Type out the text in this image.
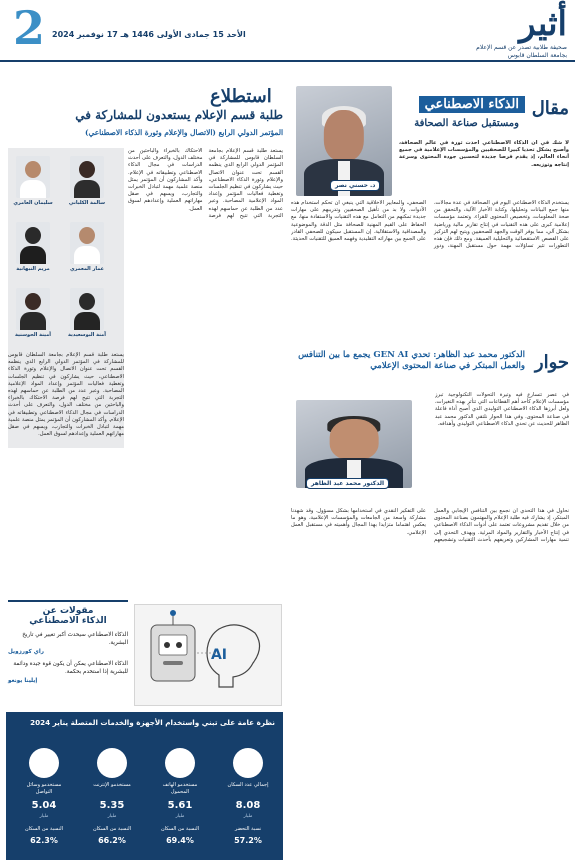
أثير
صحيفة طلابية تصدر عن قسم الإعلام
بجامعة السلطان قابوس
الأحد 15 جمادى الأولى 1446 هـ 17 نوفمبر 2024
2
مقال
الذكاء الاصطناعي
ومستقبل صناعة الصحافة
د. حسني نصر
لا شك في أن الذكاء الاصطناعي أحدث ثورة في عالم الصحافة، وأصبح يشكل تحديا كبيرا للصحفيين والمؤسسات الإعلامية في جميع أنحاء العالم، إذ يقدم فرصا جديدة لتحسين جودة المحتوى وسرعة إنتاجه وتوزيعه.
يستخدم الذكاء الاصطناعي اليوم في الصحافة في عدة مجالات، منها جمع البيانات وتحليلها، وكتابة الأخبار الآلية، والتحقق من صحة المعلومات، وتخصيص المحتوى للقراء. وتعتمد مؤسسات إعلامية كبرى على هذه التقنيات في إنتاج تقارير مالية ورياضية بشكل آلي، مما يوفر الوقت والجهد للصحفيين ويتيح لهم التركيز على القصص الاستقصائية والتحليلية العميقة. ومع ذلك فإن هذه التطورات تثير تساؤلات مهمة حول مستقبل المهنة، ودور الصحفي، والمعايير الأخلاقية التي ينبغي أن تحكم استخدام هذه الأدوات. ولا بد من تأهيل الصحفيين وتدريبهم على مهارات جديدة تمكنهم من التعامل مع هذه التقنيات والاستفادة منها، مع الحفاظ على القيم المهنية للصحافة مثل الدقة والموضوعية والمصداقية والاستقلالية. إن المستقبل سيكون للصحفي القادر على الجمع بين مهاراته التقليدية وفهمه العميق للتقنيات الحديثة.
حوار
الدكتور محمد عبد الظاهر: تحدي GEN AI يجمع ما بين التنافس والعمل المبتكر في صناعة المحتوى الإعلامي
في عصر تتسارع فيه وتيرة التحولات التكنولوجية تبرز مؤسسات الإعلام كأحد أهم القطاعات التي تتأثر بهذه التغيرات، ولعل أبرزها الذكاء الاصطناعي التوليدي الذي أصبح أداة فاعلة في صناعة المحتوى. وفي هذا الحوار نلتقي الدكتور محمد عبد الظاهر للحديث عن تحدي الذكاء الاصطناعي التوليدي وأهدافه.
الدكتور محمد عبد الظاهر
نحاول في هذا التحدي أن نجمع بين التنافس الإيجابي والعمل المبتكر، إذ يشارك فيه طلبة الإعلام والمهتمون بصناعة المحتوى من خلال تقديم مشروعات تعتمد على أدوات الذكاء الاصطناعي في إنتاج الأخبار والتقارير والمواد المرئية. ويهدف التحدي إلى تنمية مهارات المشاركين وتعريفهم بأحدث التقنيات وتشجيعهم على التفكير النقدي في استخدامها بشكل مسؤول. وقد شهدنا مشاركة واسعة من الجامعات والمؤسسات الإعلامية، وهو ما يعكس اهتماما متزايدا بهذا المجال وأهميته في مستقبل العمل الإعلامي.
استطلاع
طلبة قسم الإعلام يستعدون للمشاركة في
المؤتمر الدولي الرابع (الاتصال والإعلام وثورة الذكاء الاصطناعي)
يستعد طلبة قسم الإعلام بجامعة السلطان قابوس للمشاركة في المؤتمر الدولي الرابع الذي ينظمه القسم تحت عنوان الاتصال والإعلام وثورة الذكاء الاصطناعي، حيث يشاركون في تنظيم الجلسات وتغطية فعاليات المؤتمر وإعداد المواد الإعلامية المصاحبة. وعبر عدد من الطلبة عن حماسهم لهذه التجربة التي تتيح لهم فرصة الاحتكاك بالخبراء والباحثين من مختلف الدول، والتعرف على أحدث الدراسات في مجال الذكاء الاصطناعي وتطبيقاته في الإعلام. وأكد المشاركون أن المؤتمر يمثل منصة علمية مهمة لتبادل الخبرات والتجارب، ويسهم في صقل مهاراتهم العملية وإعدادهم لسوق العمل.
سليمان العامري	سالمة الكلباني
مريم النبهانية	عمار المعمري
أمينة الحوسنية	آمنة البوسعيدية
يستعد طلبة قسم الإعلام بجامعة السلطان قابوس للمشاركة في المؤتمر الدولي الرابع الذي ينظمه القسم تحت عنوان الاتصال والإعلام وثورة الذكاء الاصطناعي، حيث يشاركون في تنظيم الجلسات وتغطية فعاليات المؤتمر وإعداد المواد الإعلامية المصاحبة. وعبر عدد من الطلبة عن حماسهم لهذه التجربة التي تتيح لهم فرصة الاحتكاك بالخبراء والباحثين من مختلف الدول، والتعرف على أحدث الدراسات في مجال الذكاء الاصطناعي وتطبيقاته في الإعلام. وأكد المشاركون أن المؤتمر يمثل منصة علمية مهمة لتبادل الخبرات والتجارب، ويسهم في صقل مهاراتهم العملية وإعدادهم لسوق العمل.
مقولات عن
الذكاء الاصطناعي
الذكاء الاصطناعي سيحدث أكبر تغيير في تاريخ البشرية.
راي كورزويل
الذكاء الاصطناعي يمكن أن يكون قوة جيدة ودائمة للبشرية إذا استخدم بحكمة.
إيلينا يونغو
AI
نظرة عامة على تبني واستخدام الأجهزة والخدمات المتصلة يناير 2024
إجمالي عدد السكان
8.08
مليار
نسبة التحضر
57.2%
مستخدمو الهاتف المحمول
5.61
مليار
النسبة من السكان
69.4%
مستخدمو الإنترنت
5.35
مليار
النسبة من السكان
66.2%
مستخدمو وسائل التواصل
5.04
مليار
النسبة من السكان
62.3%
